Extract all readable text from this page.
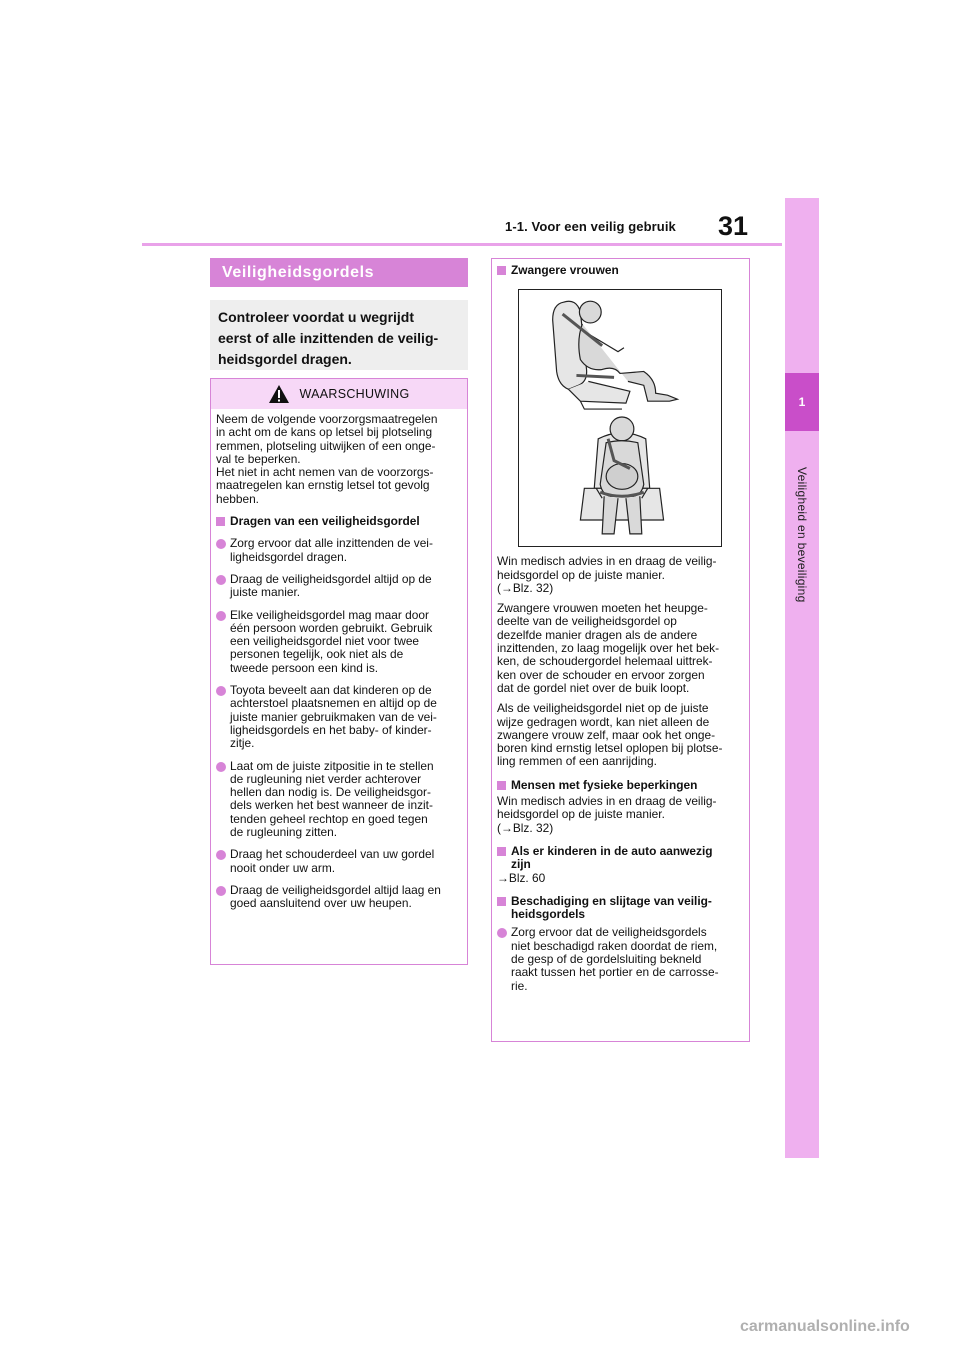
1-1. Voor een veilig gebruik 31
1
Veiligheid en beveiliging
Veiligheidsgordels
Controleer voordat u wegrijdt
eerst of alle inzittenden de veilig-
heidsgordel dragen.
WAARSCHUWING

Neem de volgende voorzorgsmaatregelen

in acht om de kans op letsel bij plotseling

remmen, plotseling uitwijken of een onge-

val te beperken.

Het niet in acht nemen van de voorzorgs-

maatregelen kan ernstig letsel tot gevolg

hebben.

Dragen van een veiligheidsgordel
Zorg ervoor dat alle inzittenden de vei-
ligheidsgordel dragen.
Draag de veiligheidsgordel altijd op de
juiste manier.
Elke veiligheidsgordel mag maar door
één persoon worden gebruikt. Gebruik
een veiligheidsgordel niet voor twee
personen tegelijk, ook niet als de
tweede persoon een kind is.
Toyota beveelt aan dat kinderen op de
achterstoel plaatsnemen en altijd op de
juiste manier gebruikmaken van de vei-
ligheidsgordels en het baby- of kinder-
zitje.
Laat om de juiste zitpositie in te stellen
de rugleuning niet verder achterover
hellen dan nodig is. De veiligheidsgor-
dels werken het best wanneer de inzit-
tenden geheel rechtop en goed tegen
de rugleuning zitten.
Draag het schouderdeel van uw gordel
nooit onder uw arm.
Draag de veiligheidsgordel altijd laag en
goed aansluitend over uw heupen.
Zwangere vrouwen

Win medisch advies in en draag de veilig-

heidsgordel op de juiste manier.

(→Blz. 32)

Zwangere vrouwen moeten het heupge-

deelte van de veiligheidsgordel op

dezelfde manier dragen als de andere

inzittenden, zo laag mogelijk over het bek-

ken, de schoudergordel helemaal uittrek-

ken over de schouder en ervoor zorgen

dat de gordel niet over de buik loopt.

Als de veiligheidsgordel niet op de juiste

wijze gedragen wordt, kan niet alleen de

zwangere vrouw zelf, maar ook het onge-

boren kind ernstig letsel oplopen bij plotse-

ling remmen of een aanrijding.

Mensen met fysieke beperkingen

Win medisch advies in en draag de veilig-

heidsgordel op de juiste manier.

(→Blz. 32)

Als er kinderen in de auto aanwezig
zijn

→Blz. 60

Beschadiging en slijtage van veilig-
heidsgordels
Zorg ervoor dat de veiligheidsgordels
niet beschadigd raken doordat de riem,
de gesp of de gordelsluiting bekneld
raakt tussen het portier en de carrosse-
rie.
carmanualsonline.info
